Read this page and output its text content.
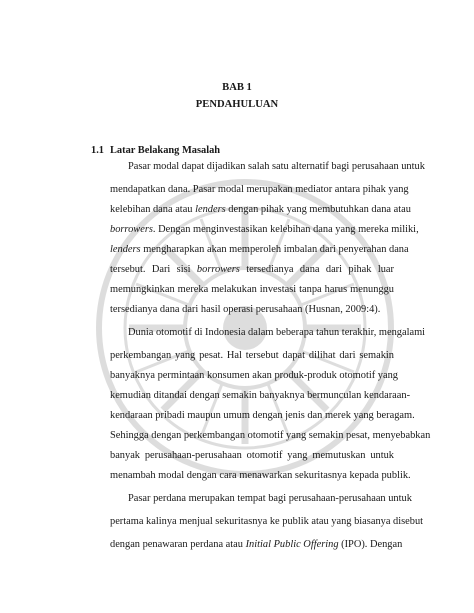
BAB 1
PENDAHULUAN
1.1 Latar Belakang Masalah
Pasar modal dapat dijadikan salah satu alternatif bagi perusahaan untuk
mendapatkan dana. Pasar modal merupakan mediator antara pihak yang
kelebihan dana atau lenders dengan pihak yang membutuhkan dana atau
borrowers. Dengan menginvestasikan kelebihan dana yang mereka miliki,
lenders mengharapkan akan memperoleh imbalan dari penyerahan dana
tersebut. Dari sisi borrowers tersedianya dana dari pihak luar
memungkinkan mereka melakukan investasi tanpa harus menunggu
tersedianya dana dari hasil operasi perusahaan (Husnan, 2009:4).
Dunia otomotif di Indonesia dalam beberapa tahun terakhir, mengalami
perkembangan yang pesat. Hal tersebut dapat dilihat dari semakin
banyaknya permintaan konsumen akan produk-produk otomotif yang
kemudian ditandai dengan semakin banyaknya bermunculan kendaraan-
kendaraan pribadi maupun umum dengan jenis dan merek yang beragam.
Sehingga dengan perkembangan otomotif yang semakin pesat, menyebabkan
banyak perusahaan-perusahaan otomotif yang memutuskan untuk
menambah modal dengan cara menawarkan sekuritasnya kepada publik.
Pasar perdana merupakan tempat bagi perusahaan-perusahaan untuk
pertama kalinya menjual sekuritasnya ke publik atau yang biasanya disebut
dengan penawaran perdana atau Initial Public Offering (IPO). Dengan
